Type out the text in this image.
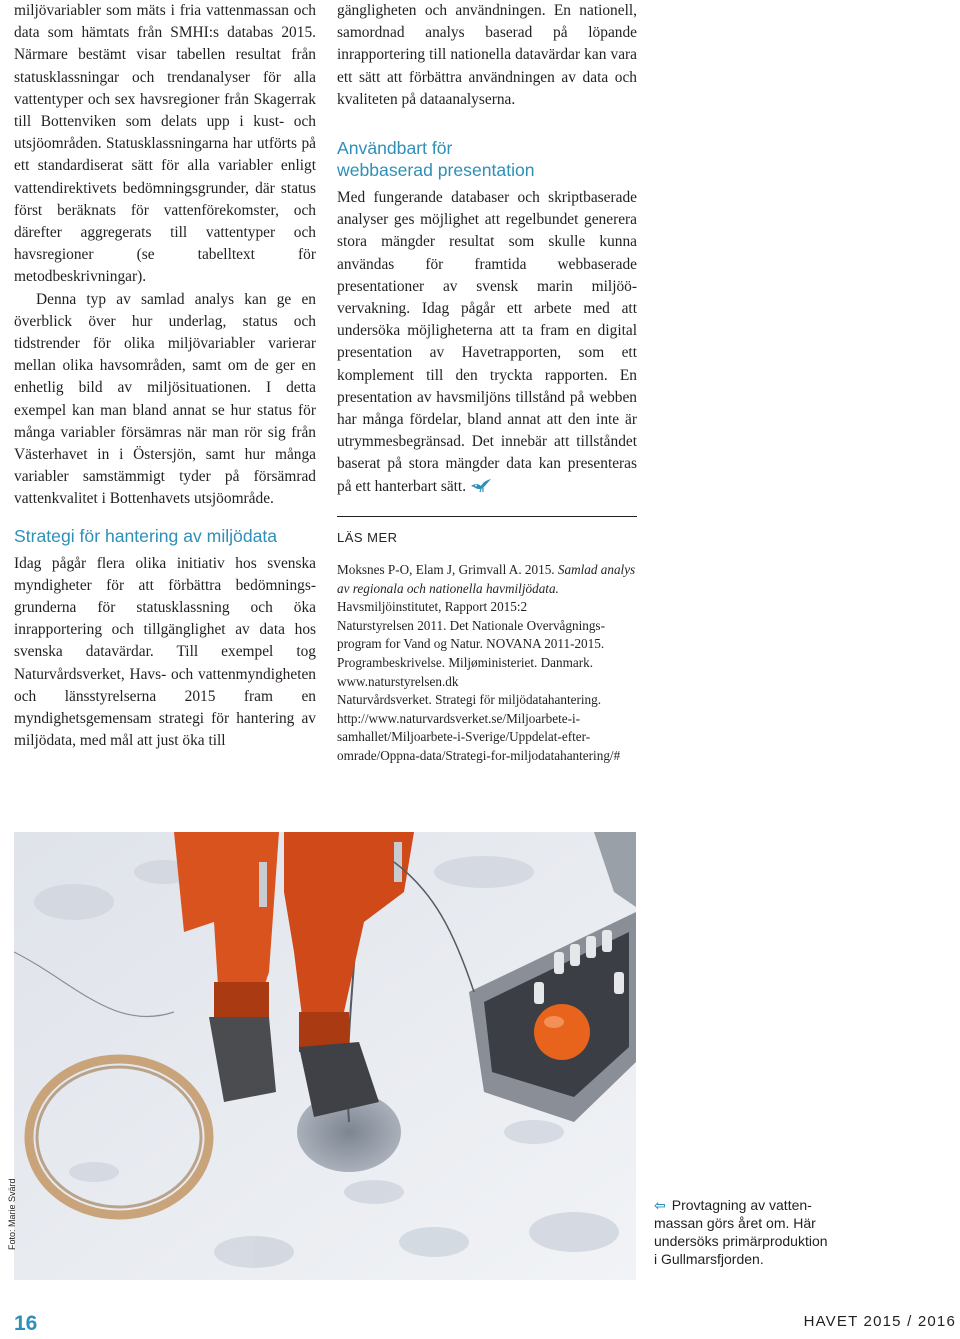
miljövariabler som mäts i fria vattenmassan och data som hämtats från SMHI:s databas 2015. Närmare bestämt visar tabellen resultat från statusklassningar och trendanalyser för alla vattentyper och sex havsregioner från Skagerrak till Bottenviken som delats upp i kust- och utsjöområden. Statusklassningarna har utförts på ett standardiserat sätt för alla variabler enligt vattendirektivets bedömningsgrunder, där status först beräknats för vattenförekomster, och därefter aggregerats till vattentyper och havsregioner (se tabelltext för metodbeskrivningar).

Denna typ av samlad analys kan ge en överblick över hur underlag, status och tidstrender för olika miljövariabler varierar mellan olika havsområden, samt om de ger en enhetlig bild av miljösituationen. I detta exempel kan man bland annat se hur status för många variabler försämras när man rör sig från Västerhavet in i Östersjön, samt hur många variabler samstämmigt tyder på försämrad vattenkvalitet i Bottenhavets utsjöområde.

Strategi för hantering av miljödata

Idag pågår flera olika initiativ hos svenska myndigheter för att förbättra bedömningsgrunderna för statusklassning och öka inrapportering och tillgänglighet av data hos svenska datavärdar. Till exempel tog Naturvårdsverket, Havs- och vattenmyndigheten och länsstyrelserna 2015 fram en myndighetsgemensam strategi för hantering av miljödata, med mål att just öka till

gängligheten och användningen. En nationell, samordnad analys baserad på löpande inrapportering till nationella datavärdar kan vara ett sätt att förbättra användningen av data och kvaliteten på dataanalyserna.

Användbart för
webbaserad presentation

Med fungerande databaser och skriptbaserade analyser ges möjlighet att regelbundet generera stora mängder resultat som skulle kunna användas för framtida webbaserade presentationer av svensk marin miljöövervakning. Idag pågår ett arbete med att undersöka möjligheterna att ta fram en digital presentation av Havetrapporten, som ett komplement till den tryckta rapporten. En presentation av havsmiljöns tillstånd på webben har många fördelar, bland annat att den inte är utrymmesbegränsad. Det innebär att tillståndet baserat på stora mängder data kan presenteras på ett hanterbart sätt.

LÄS MER

Moksnes P-O, Elam J, Grimvall A. 2015. Samlad analys av regionala och nationella havmiljödata. Havsmiljöinstitutet, Rapport 2015:2

Naturstyrelsen 2011. Det Nationale Overvågningsprogram for Vand og Natur. NOVANA 2011-2015. Programbeskrivelse. Miljøministeriet. Danmark. www.naturstyrelsen.dk

Naturvårdsverket. Strategi för miljödatahantering. http://www.naturvardsverket.se/Miljoarbete-i-samhallet/Miljoarbete-i-Sverige/Uppdelat-efter-omrade/Oppna-data/Strategi-for-miljodatahantering/#

Foto: Marie Svärd	⇦ Provtagning av vattenmassan görs året om. Här undersöks primärproduktion i Gullmarsfjorden.
16	HAVET 2015 / 2016
